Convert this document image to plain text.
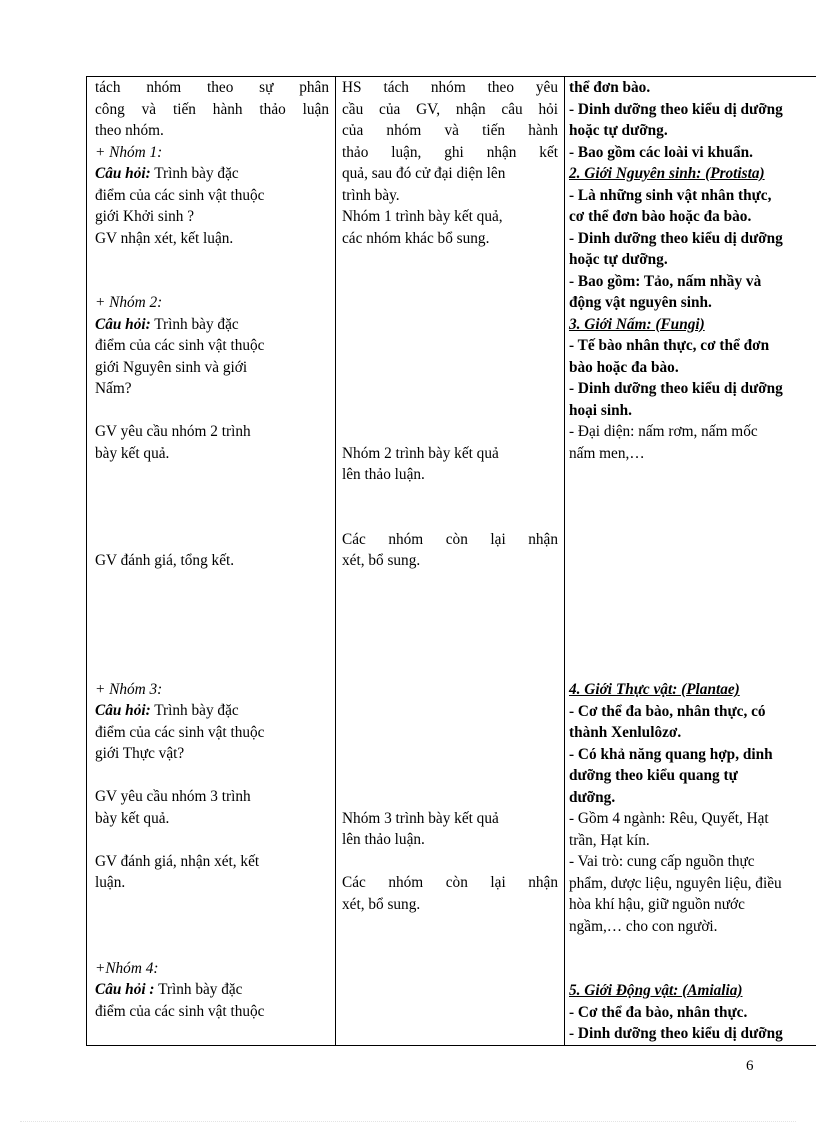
tách nhóm theo sự phân
công và tiến hành thảo luận
theo nhóm.
+ Nhóm 1:
Câu hỏi: Trình bày đặc
điểm của các sinh vật thuộc
giới Khởi sinh ?
GV nhận xét, kết luận.
+ Nhóm 2:
Câu hỏi: Trình bày đặc
điểm của các sinh vật thuộc
giới Nguyên sinh và giới
Nấm?
GV yêu cầu nhóm 2 trình
bày kết quả.
GV đánh giá, tổng kết.
+ Nhóm 3:
Câu hỏi: Trình bày đặc
điểm của các sinh vật thuộc
giới Thực vật?
GV yêu cầu nhóm 3 trình
bày kết quả.
GV đánh giá, nhận xét, kết
luận.
+Nhóm 4:
Câu hỏi : Trình bày đặc
điểm của các sinh vật thuộc

HS tách nhóm theo yêu
cầu của GV, nhận câu hỏi
của nhóm và tiến hành
thảo luận, ghi nhận kết
quả, sau đó cử đại diện lên
trình bày.
Nhóm 1 trình bày kết quả,
các nhóm khác bổ sung.
Nhóm 2 trình bày kết quả
lên thảo luận.
Các nhóm còn lại nhận
xét, bổ sung.
Nhóm 3 trình bày kết quả
lên thảo luận.
Các nhóm còn lại nhận
xét, bổ sung.

thể đơn bào.
- Dinh dưỡng theo kiểu dị dưỡng
hoặc tự dưỡng.
- Bao gồm các loài vi khuẩn.
2. Giới Nguyên sinh: (Protista)
- Là những sinh vật nhân thực,
cơ thể đơn bào hoặc đa bào.
- Dinh dưỡng theo kiểu dị dưỡng
hoặc tự dưỡng.
- Bao gồm: Tảo, nấm nhầy và
động vật nguyên sinh.
3. Giới Nấm: (Fungi)
- Tế bào nhân thực, cơ thể đơn
bào hoặc đa bào.
- Dinh dưỡng theo kiểu dị dưỡng
hoại sinh.
- Đại diện: nấm rơm, nấm mốc
nấm men,…
4. Giới Thực vật: (Plantae)
- Cơ thể đa bào, nhân thực, có
thành Xenlulôzơ.
- Có khả năng quang hợp, dinh
dưỡng theo kiểu quang tự
dưỡng.
- Gồm 4 ngành: Rêu, Quyết, Hạt
trần, Hạt kín.
- Vai trò: cung cấp nguồn thực
phẩm, dược liệu, nguyên liệu, điều
hòa khí hậu, giữ nguồn nước
ngầm,… cho con người.
5. Giới Động vật: (Amialia)
- Cơ thể đa bào, nhân thực.
- Dinh dưỡng theo kiểu dị dưỡng
6
